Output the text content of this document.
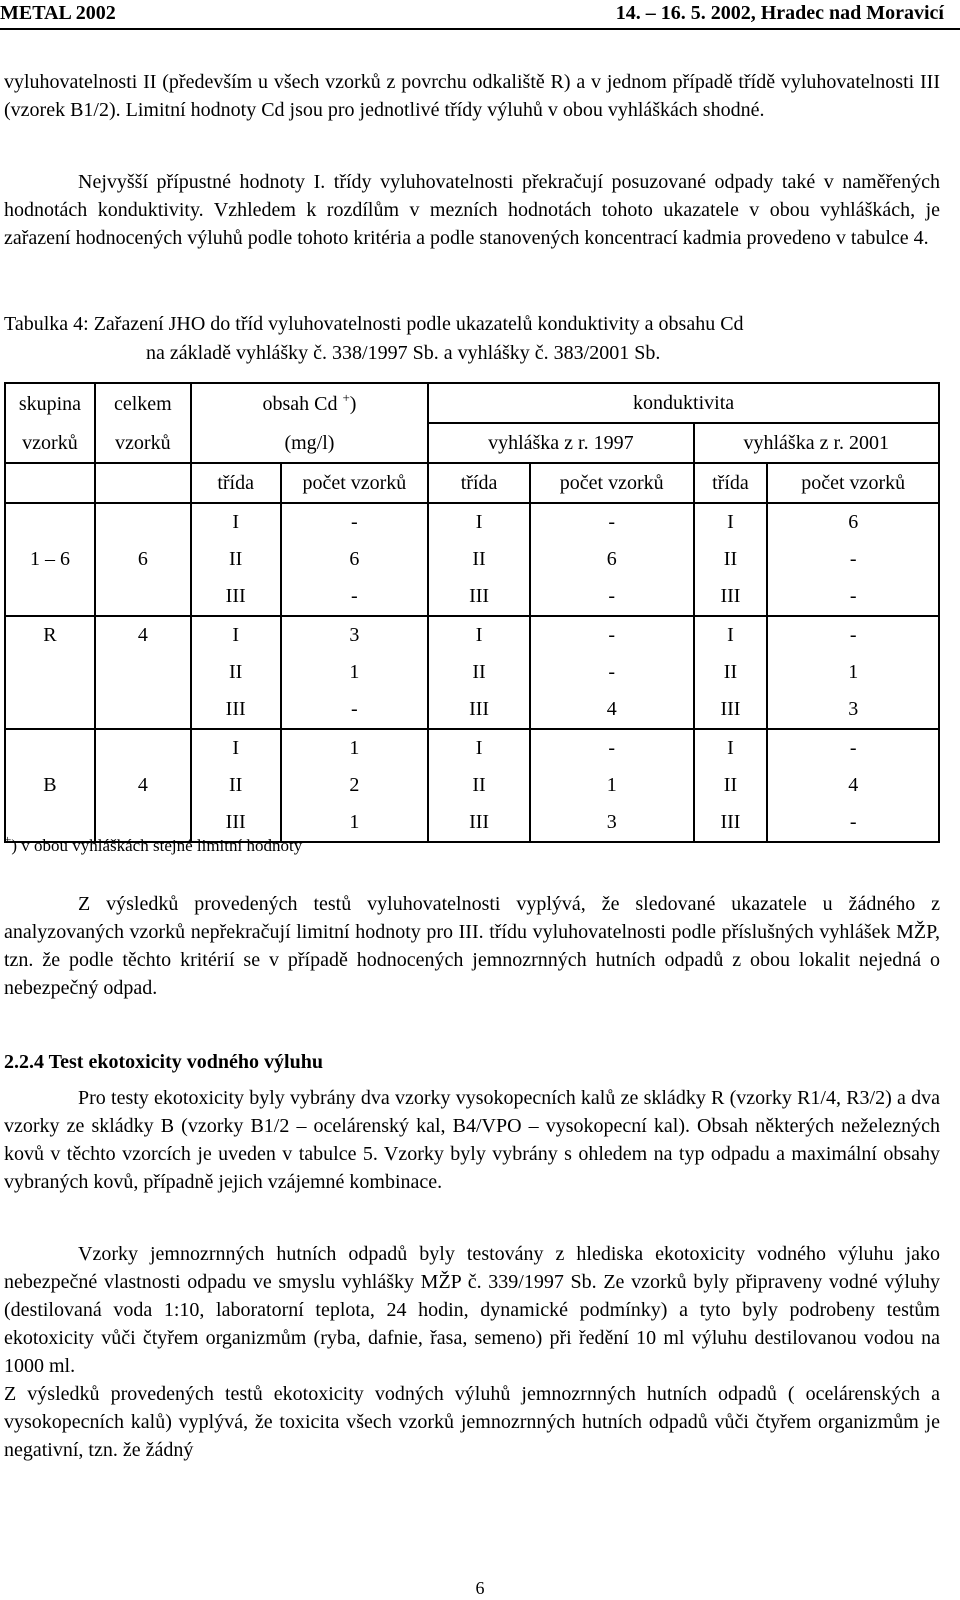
METAL 2002	14. – 16. 5. 2002, Hradec nad Moravicí

vyluhovatelnosti II (především u všech vzorků z povrchu odkaliště R) a v jednom případě třídě vyluhovatelnosti III (vzorek B1/2). Limitní hodnoty Cd jsou pro jednotlivé třídy výluhů v obou vyhláškách shodné.

Nejvyšší přípustné hodnoty I. třídy vyluhovatelnosti překračují posuzované odpady také v naměřených hodnotách konduktivity. Vzhledem k rozdílům v mezních hodnotách tohoto ukazatele v obou vyhláškách, je zařazení hodnocených výluhů podle tohoto kritéria a podle stanovených koncentrací kadmia provedeno v tabulce 4.

Tabulka 4: Zařazení JHO do tříd vyluhovatelnosti podle ukazatelů konduktivity a obsahu Cd
na základě vyhlášky č. 338/1997 Sb. a vyhlášky č. 383/2001 Sb.
skupina	celkem	obsah Cd +)		konduktivita			
vzorků	vzorků	(mg/l)		vyhláška z r. 1997		vyhláška z r. 2001	
		třída	počet vzorků	třída	počet vzorků	třída	počet vzorků
		I	-	I	-	I	6
1 – 6	6	II	6	II	6	II	-
		III	-	III	-	III	-
R	4	I	3	I	-	I	-
		II	1	II	-	II	1
		III	-	III	4	III	3
		I	1	I	-	I	-
B	4	II	2	II	1	II	4
		III	1	III	3	III	-
+) v obou vyhláškách stejné limitní hodnoty

Z výsledků provedených testů vyluhovatelnosti vyplývá, že sledované ukazatele u žádného z analyzovaných vzorků nepřekračují limitní hodnoty pro III. třídu vyluhovatelnosti podle příslušných vyhlášek MŽP, tzn. že podle těchto kritérií se v případě hodnocených jemnozrnných hutních odpadů z obou lokalit nejedná o nebezpečný odpad.

2.2.4 Test ekotoxicity vodného výluhu

Pro testy ekotoxicity byly vybrány dva vzorky vysokopecních kalů ze skládky R (vzorky R1/4, R3/2) a dva vzorky ze skládky B (vzorky B1/2 – ocelárenský kal, B4/VPO – vysokopecní kal). Obsah některých neželezných kovů v těchto vzorcích je uveden v tabulce 5. Vzorky byly vybrány s ohledem na typ odpadu a maximální obsahy vybraných kovů, případně jejich vzájemné kombinace.

Vzorky jemnozrnných hutních odpadů byly testovány z hlediska ekotoxicity vodného výluhu jako nebezpečné vlastnosti odpadu ve smyslu vyhlášky MŽP č. 339/1997 Sb. Ze vzorků byly připraveny vodné výluhy (destilovaná voda 1:10, laboratorní teplota, 24 hodin, dynamické podmínky) a tyto byly podrobeny testům ekotoxicity vůči čtyřem organizmům (ryba, dafnie, řasa, semeno) při ředění 10 ml výluhu destilovanou vodou na 1000 ml.

Z výsledků provedených testů ekotoxicity vodných výluhů jemnozrnných hutních odpadů ( ocelárenských a vysokopecních kalů) vyplývá, že toxicita všech vzorků jemnozrnných hutních odpadů vůči čtyřem organizmům je negativní, tzn. že žádný

6
